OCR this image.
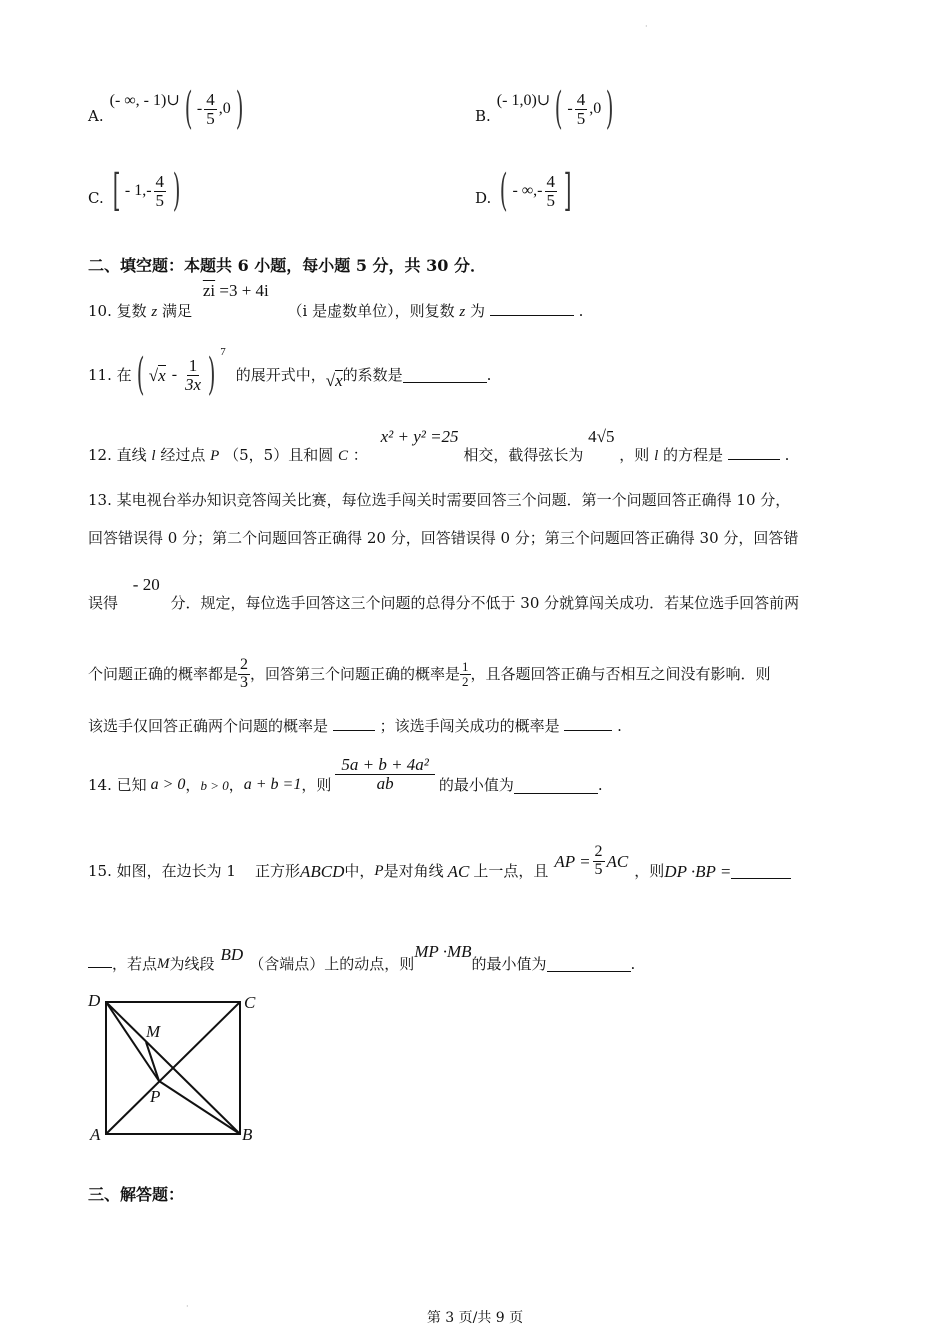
A.
(- ∞, - 1)∪ ( - $\frac{4}{5} ,0$ )	B.
(- 1,0)∪ ( - $\frac{4}{5} ,0$ )
C. [ - $1,- \frac{4}{5}$ )	D. ( - ∞,- $\frac{4}{5}$ ]
二、填空题：本题共 6 小题，每小题 5 分，共 30 分．
10. 复数 z 满足 $\overline{zi} =3 + 4i$ （i 是虚数单位），则复数 z 为	.
11. 在 ( $√x - \frac{1}{3x}$ ) 7
的展开式中， √x 的系数是	.
12. 直线 l 经过点 P （5，5）且和圆 C ： x² + y² =25 相交，截得弦长为 4√5 ，则 l 的方程是	.
13. 某电视台举办知识竞答闯关比赛，每位选手闯关时需要回答三个问题．第一个问题回答正确得 10 分，
回答错误得 0 分；第二个问题回答正确得 20 分，回答错误得 0 分；第三个问题回答正确得 30 分，回答错
误得 - 20 分．规定，每位选手回答这三个问题的总得分不低于 30 分就算闯关成功．若某位选手回答前两
个问题正确的概率都是 $\frac{2}{3}$ ，回答第三个问题正确的概率是 $\frac{1}{2}$ ，且各题回答正确与否相互之间没有影响．则
该选手仅回答正确两个问题的概率是	；该选手闯关成功的概率是	.
14. 已知 a > 0 ， b > 0 ， a + b =1 ，则 $\frac{\text{5a + b + 4a²}}{ab}$ 的最小值为	.
15. 如图，在边长为 1    正方形 ABCD 中， P 是对角线 AC 上一点，且 AP = $\frac{2}{5}$ AC ，则 DP ·BP =
，若点 M 为线段 BD （含端点）上的动点，则
MP ·MB
的最小值为	.
D	C
A	B
M
P
三、解答题：
第 3 页/共 9 页
·
·
